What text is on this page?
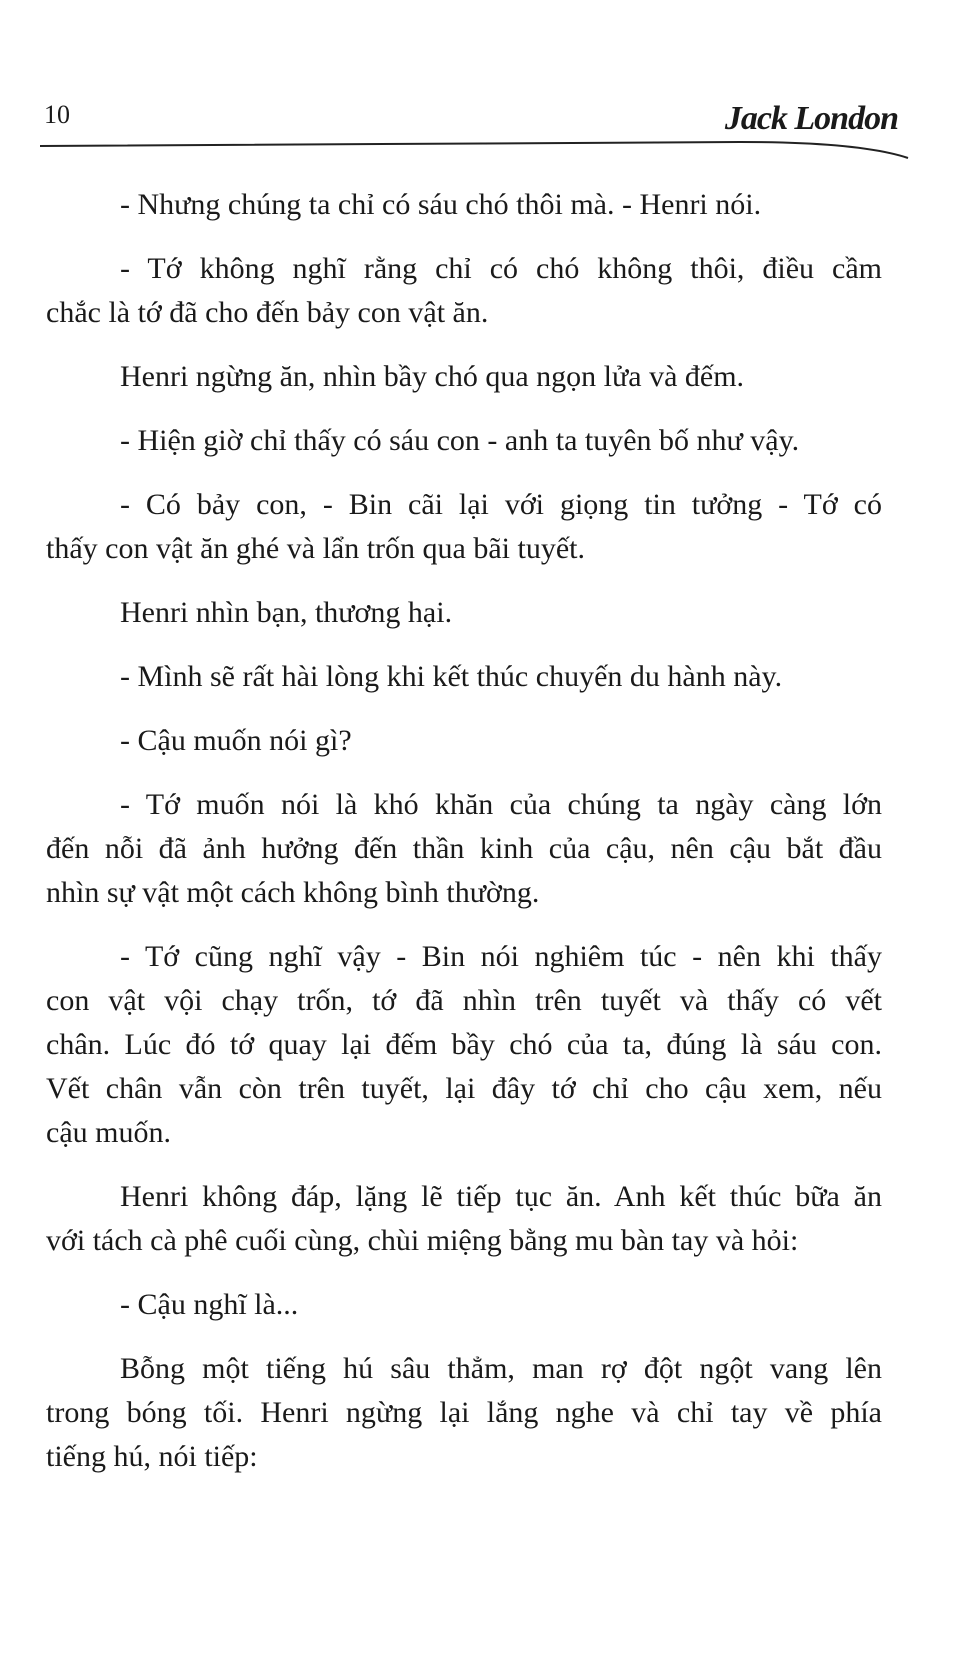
10	Jack London
- Nhưng chúng ta chỉ có sáu chó thôi mà. - Henri nói.
- Tớ không nghĩ rằng chỉ có chó không thôi, điều cầm
chắc là tớ đã cho đến bảy con vật ăn.
Henri ngừng ăn, nhìn bầy chó qua ngọn lửa và đếm.
- Hiện giờ chỉ thấy có sáu con - anh ta tuyên bố như vậy.
- Có bảy con, - Bin cãi lại với giọng tin tưởng - Tớ có
thấy con vật ăn ghé và lẩn trốn qua bãi tuyết.
Henri nhìn bạn, thương hại.
- Mình sẽ rất hài lòng khi kết thúc chuyến du hành này.
- Cậu muốn nói gì?
- Tớ muốn nói là khó khăn của chúng ta ngày càng lớn
đến nỗi đã ảnh hưởng đến thần kinh của cậu, nên cậu bắt đầu
nhìn sự vật một cách không bình thường.
- Tớ cũng nghĩ vậy - Bin nói nghiêm túc - nên khi thấy
con vật vội chạy trốn, tớ đã nhìn trên tuyết và thấy có vết
chân. Lúc đó tớ quay lại đếm bầy chó của ta, đúng là sáu con.
Vết chân vẫn còn trên tuyết, lại đây tớ chỉ cho cậu xem, nếu
cậu muốn.
Henri không đáp, lặng lẽ tiếp tục ăn. Anh kết thúc bữa ăn
với tách cà phê cuối cùng, chùi miệng bằng mu bàn tay và hỏi:
- Cậu nghĩ là...
Bỗng một tiếng hú sâu thẳm, man rợ đột ngột vang lên
trong bóng tối. Henri ngừng lại lắng nghe và chỉ tay về phía
tiếng hú, nói tiếp:
